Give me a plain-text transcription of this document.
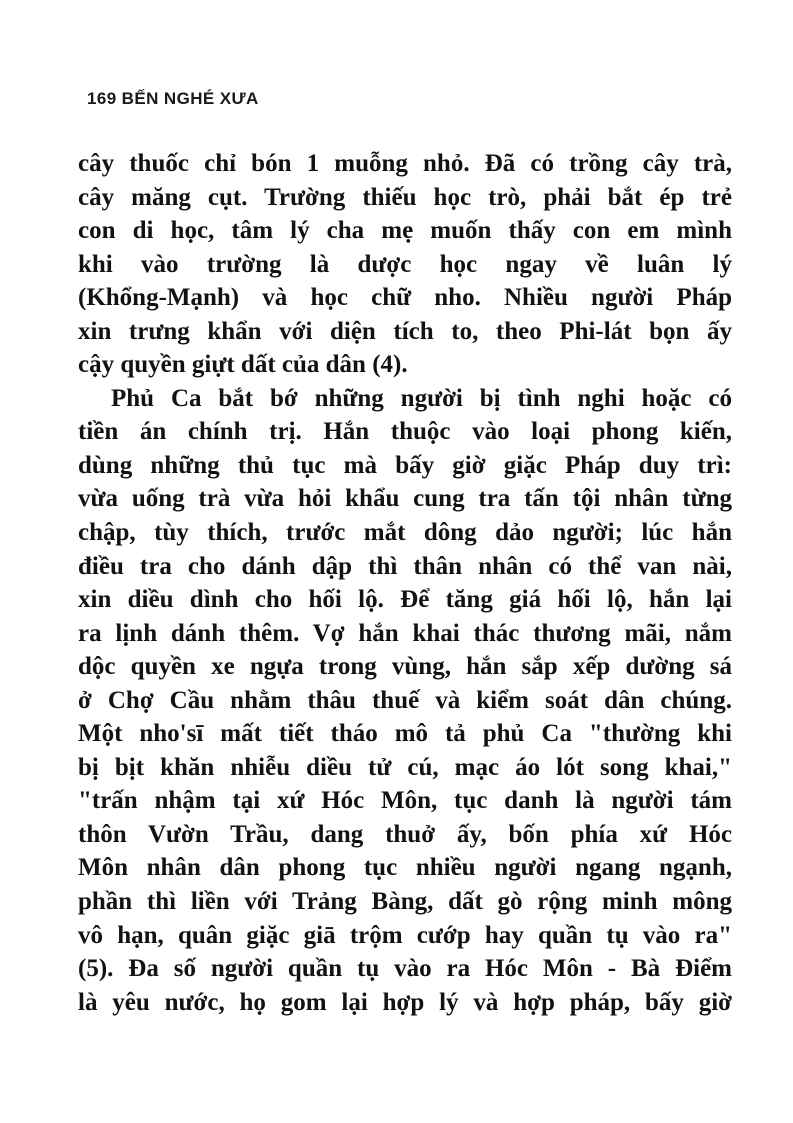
169 BẾN NGHÉ XƯA
cây thuốc chỉ bón 1 muỗng nhỏ. Đã có trồng cây trà,
cây măng cụt. Trường thiếu học trò, phải bắt ép trẻ
con di học, tâm lý cha mẹ muốn thấy con em mình
khi vào trường là dược học ngay về luân lý
(Khổng-Mạnh) và học chữ nho. Nhiều người Pháp
xin trưng khẩn với diện tích to, theo Phi-lát bọn ấy
cậy quyền giựt dất của dân (4).
Phủ Ca bắt bớ những người bị tình nghi hoặc có
tiền án chính trị. Hắn thuộc vào loại phong kiến,
dùng những thủ tục mà bấy giờ giặc Pháp duy trì:
vừa uống trà vừa hỏi khẩu cung tra tấn tội nhân từng
chập, tùy thích, trước mắt dông dảo người; lúc hắn
điều tra cho dánh dập thì thân nhân có thể van nài,
xin diều dình cho hối lộ. Để tăng giá hối lộ, hắn lại
ra lịnh dánh thêm. Vợ hắn khai thác thương mãi, nắm
dộc quyền xe ngựa trong vùng, hắn sắp xếp dường sá
ở Chợ Cầu nhằm thâu thuế và kiểm soát dân chúng.
Một nho'sī mất tiết tháo mô tả phủ Ca "thường khi
bị bịt khăn nhiễu diều tử cú, mạc áo lót song khai,"
"trấn nhậm tại xứ Hóc Môn, tục danh là người tám
thôn Vườn Trầu, dang thuở ấy, bốn phía xứ Hóc
Môn nhân dân phong tục nhiều người ngang ngạnh,
phần thì liền với Trảng Bàng, dất gò rộng minh mông
vô hạn, quân giặc giā trộm cướp hay quần tụ vào ra"
(5). Đa số người quần tụ vào ra Hóc Môn - Bà Điểm
là yêu nước, họ gom lại hợp lý và hợp pháp, bấy giờ
